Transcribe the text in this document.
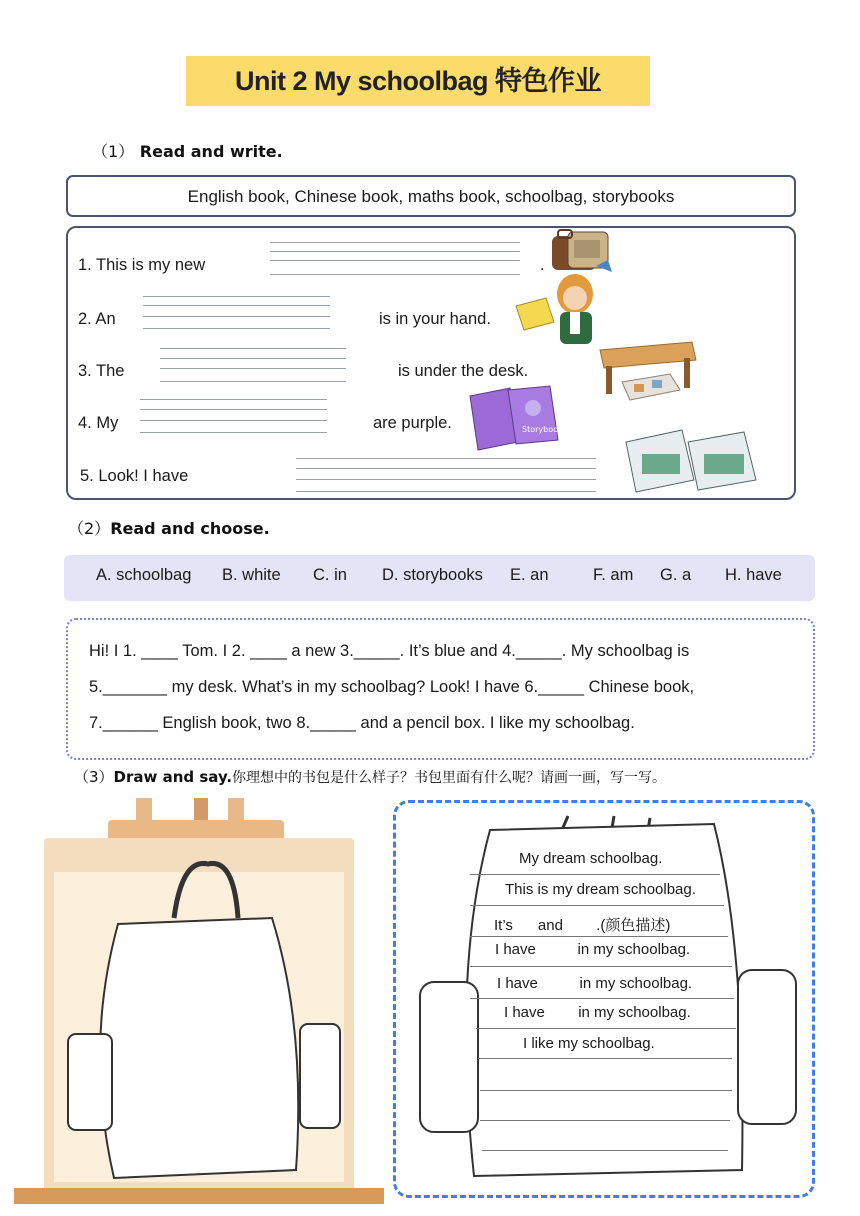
Unit 2 My schoolbag 特色作业
（1） Read and write.
English book, Chinese book, maths book, schoolbag, storybooks
1. This is my new	.
2. An	is in your hand.
3. The	is under the desk.
4. My	are purple.	Storybook
5. Look! I have
（2）Read and choose.
A. schoolbag B. white C. in D. storybooks E. an	F. am G. a H. have
Hi! I 1. ____ Tom. I 2. ____ a new 3._____. It’s blue and 4._____. My schoolbag is
5._______ my desk. What’s in my schoolbag? Look! I have 6._____ Chinese book,
7.______ English book, two 8._____ and a pencil box. I like my schoolbag.
（3）Draw and say.你理想中的书包是什么样子？书包里面有什么呢？请画一画，写一写。
My dream schoolbag.
This is my dream schoolbag.
It’s      and        .(颜色描述)
I have          in my schoolbag.
I have          in my schoolbag.
I have        in my schoolbag.
I like my schoolbag.
